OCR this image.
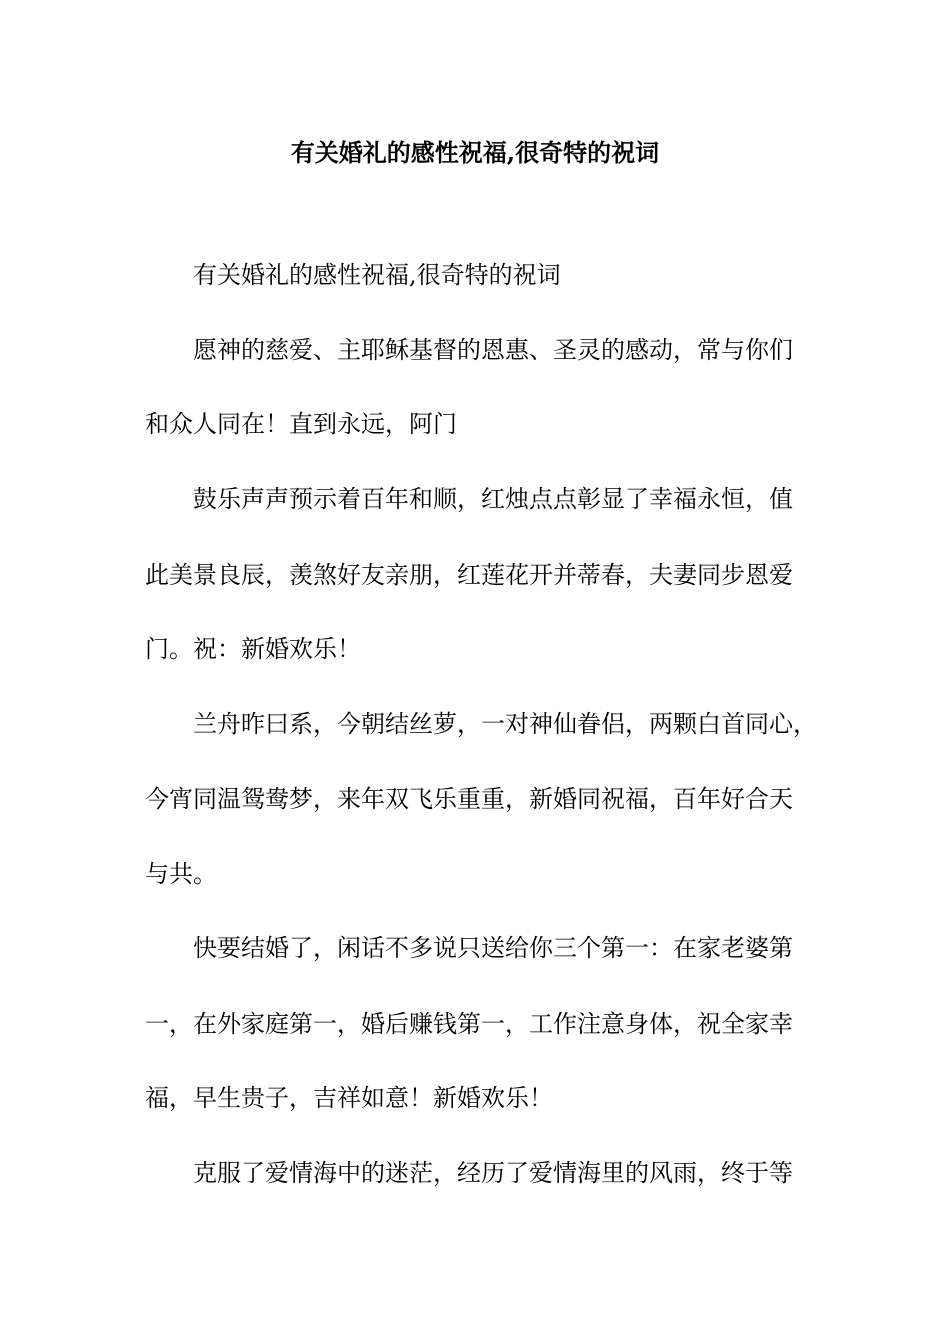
有关婚礼的感性祝福,很奇特的祝词
有关婚礼的感性祝福,很奇特的祝词
愿神的慈爱、主耶稣基督的恩惠、圣灵的感动，常与你们
和众人同在！直到永远，阿门
鼓乐声声预示着百年和顺，红烛点点彰显了幸福永恒，值
此美景良辰，羡煞好友亲朋，红莲花开并蒂春，夫妻同步恩爱
门。祝：新婚欢乐！
兰舟昨曰系，今朝结丝萝，一对神仙眷侣，两颗白首同心，
今宵同温鸳鸯梦，来年双飞乐重重，新婚同祝福，百年好合天
与共。
快要结婚了，闲话不多说只送给你三个第一：在家老婆第
一，在外家庭第一，婚后赚钱第一，工作注意身体，祝全家幸
福，早生贵子，吉祥如意！新婚欢乐！
克服了爱情海中的迷茫，经历了爱情海里的风雨，终于等
